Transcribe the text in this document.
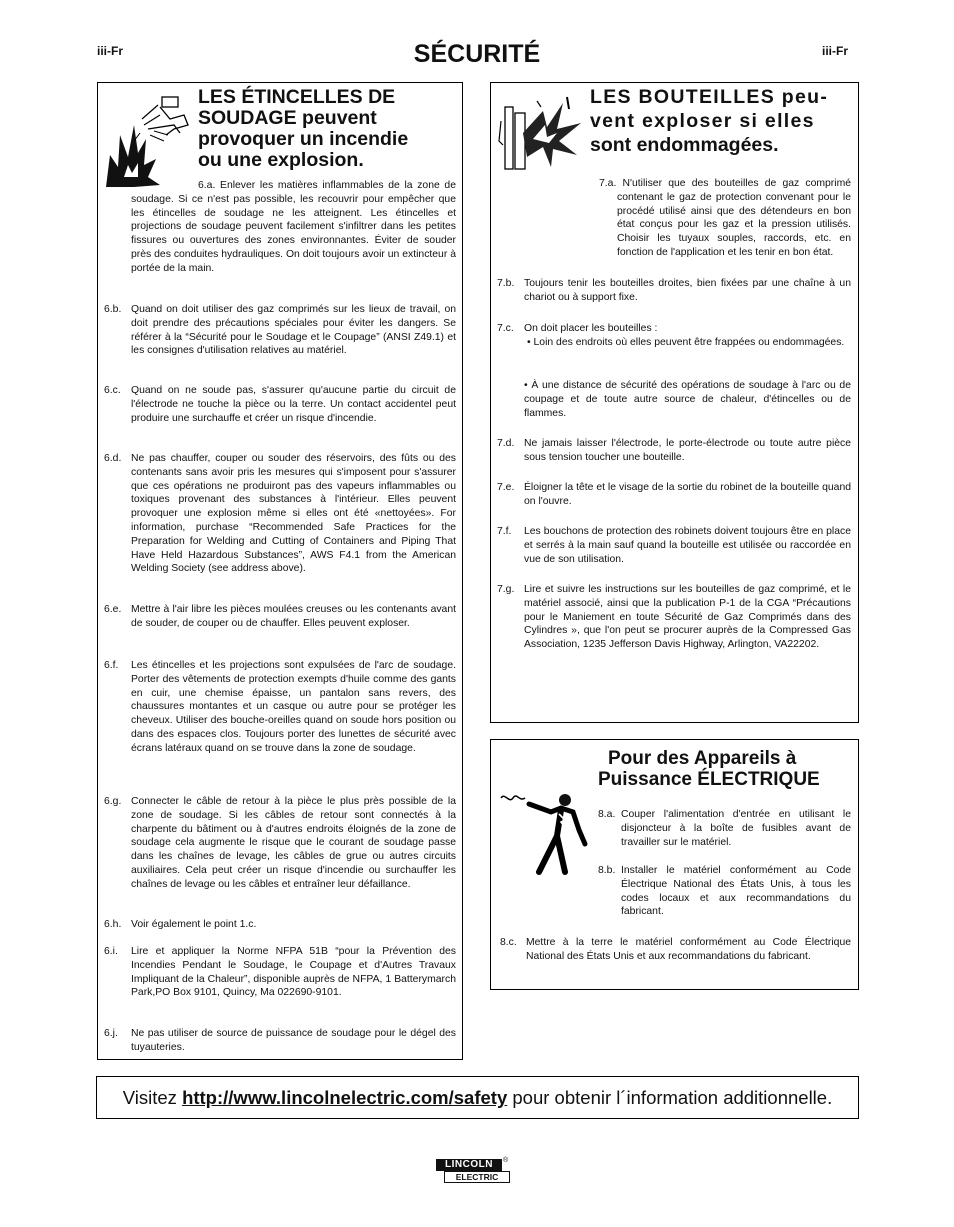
iii-Fr	iii-Fr
SÉCURITÉ
LES ÉTINCELLES DE
SOUDAGE peuvent
provoquer un incendie
ou une explosion.
6.a. Enlever les matières inflammables de la zone de soudage. Si ce n'est pas possible, les recouvrir pour empêcher que les étincelles de soudage ne les atteignent. Les étincelles et projections de soudage peuvent facilement s'infiltrer dans les petites fissures ou ouvertures des zones environnantes. Éviter de souder près des conduites hydrauliques. On doit toujours avoir un extincteur à portée de la main.
6.b. Quand on doit utiliser des gaz comprimés sur les lieux de travail, on doit prendre des précautions spéciales pour éviter les dangers. Se référer à la “Sécurité pour le Soudage et le Coupage” (ANSI Z49.1) et les consignes d'utilisation relatives au matériel.
6.c. Quand on ne soude pas, s'assurer qu'aucune partie du circuit de l'électrode ne touche la pièce ou la terre. Un contact accidentel peut produire une surchauffe et créer un risque d'incendie.
6.d. Ne pas chauffer, couper ou souder des réservoirs, des fûts ou des contenants sans avoir pris les mesures qui s'imposent pour s'assurer que ces opérations ne produiront pas des vapeurs inflammables ou toxiques provenant des substances à l'intérieur. Elles peuvent provoquer une explosion même si elles ont été «nettoyées». For information, purchase “Recommended Safe Practices for the Preparation for Welding and Cutting of Containers and Piping That Have Held Hazardous Substances”, AWS F4.1 from the American Welding Society (see address above).
6.e. Mettre à l'air libre les pièces moulées creuses ou les contenants avant de souder, de couper ou de chauffer. Elles peuvent exploser.
6.f. Les étincelles et les projections sont expulsées de l'arc de soudage. Porter des vêtements de protection exempts d'huile comme des gants en cuir, une chemise épaisse, un pantalon sans revers, des chaussures montantes et un casque ou autre pour se protéger les cheveux. Utiliser des bouche-oreilles quand on soude hors position ou dans des espaces clos. Toujours porter des lunettes de sécurité avec écrans latéraux quand on se trouve dans la zone de soudage.
6.g. Connecter le câble de retour à la pièce le plus près possible de la zone de soudage. Si les câbles de retour sont connectés à la charpente du bâtiment ou à d'autres endroits éloignés de la zone de soudage cela augmente le risque que le courant de soudage passe dans les chaînes de levage, les câbles de grue ou autres circuits auxiliaires. Cela peut créer un risque d'incendie ou surchauffer les chaînes de levage ou les câbles et entraîner leur défaillance.
6.h. Voir également le point 1.c.
6.i. Lire et appliquer la Norme NFPA 51B “pour la Prévention des Incendies Pendant le Soudage, le Coupage et d'Autres Travaux Impliquant de la Chaleur”, disponible auprès de NFPA, 1 Batterymarch Park,PO Box 9101, Quincy, Ma 022690-9101.
6.j. Ne pas utiliser de source de puissance de soudage pour le dégel des tuyauteries.
LES BOUTEILLES peu-
vent exploser si elles
sont endommagées.
7.a. N'utiliser que des bouteilles de gaz comprimé contenant le gaz de protection convenant pour le procédé utilisé ainsi que des détendeurs en bon état conçus pour les gaz et la pression utilisés. Choisir les tuyaux souples, raccords, etc. en fonction de l'application et les tenir en bon état.
7.b. Toujours tenir les bouteilles droites, bien fixées par une chaîne à un chariot ou à support fixe.
7.c. On doit placer les bouteilles :
• Loin des endroits où elles peuvent être frappées ou endommagées.
• À une distance de sécurité des opérations de soudage à l'arc ou de coupage et de toute autre source de chaleur, d'étincelles ou de flammes.
7.d. Ne jamais laisser l'électrode, le porte-électrode ou toute autre pièce sous tension toucher une bouteille.
7.e. Éloigner la tête et le visage de la sortie du robinet de la bouteille quand on l'ouvre.
7.f. Les bouchons de protection des robinets doivent toujours être en place et serrés à la main sauf quand la bouteille est utilisée ou raccordée en vue de son utilisation.
7.g. Lire et suivre les instructions sur les bouteilles de gaz comprimé, et le matériel associé, ainsi que la publication P-1 de la CGA “Précautions pour le Maniement en toute Sécurité de Gaz Comprimés dans des Cylindres », que l'on peut se procurer auprès de la Compressed Gas Association, 1235 Jefferson Davis Highway, Arlington, VA22202.
Pour des Appareils à
Puissance ÉLECTRIQUE
8.a. Couper l'alimentation d'entrée en utilisant le disjoncteur à la boîte de fusibles avant de travailler sur le matériel.
8.b. Installer le matériel conformément au Code Électrique National des États Unis, à tous les codes locaux et aux recommandations du fabricant.
8.c. Mettre à la terre le matériel conformément au Code Électrique National des États Unis et aux recommandations du fabricant.
Visitez http://www.lincolnelectric.com/safety pour obtenir l´information additionnelle.
LINCOLN	®
ELECTRIC
